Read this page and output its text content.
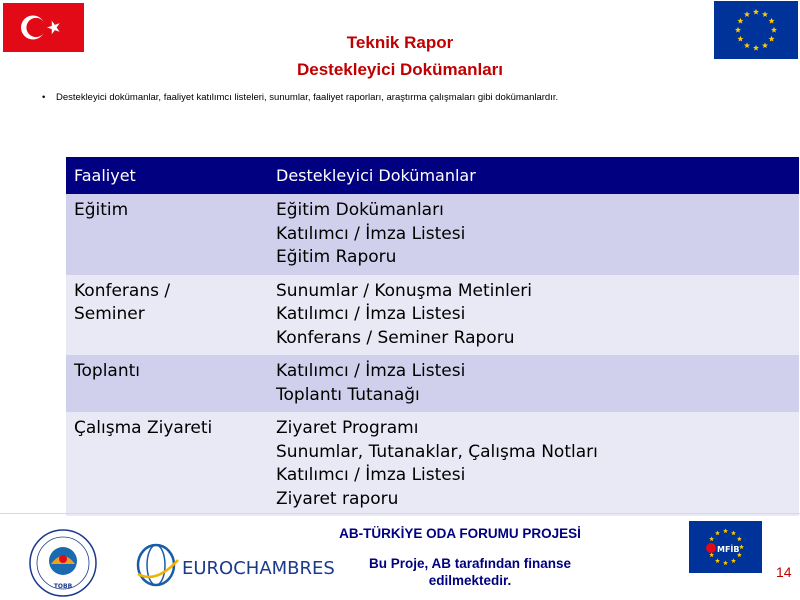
Teknik Rapor
Destekleyici Dokümanları
• Destekleyici dokümanlar, faaliyet katılımcı listeleri, sunumlar, faaliyet raporları, araştırma çalışmaları gibi dokümanlardır.
Faaliyet	Destekleyici Dokümanlar

Eğitim	Eğitim Dokümanları
Katılımcı / İmza Listesi
Eğitim Raporu

Konferans /
Seminer	Sunumlar / Konuşma Metinleri
Katılımcı / İmza Listesi
Konferans / Seminer Raporu

Toplantı	Katılımcı / İmza Listesi
Toplantı Tutanağı

Çalışma Ziyareti	Ziyaret Programı
Sunumlar, Tutanaklar, Çalışma Notları
Katılımcı / İmza Listesi
Ziyaret raporu
TOBB
EUROCHAMBRES
AB-TÜRKİYE ODA FORUMU PROJESİ
Bu Proje, AB tarafından finanse
edilmektedir.
MFİB
14
